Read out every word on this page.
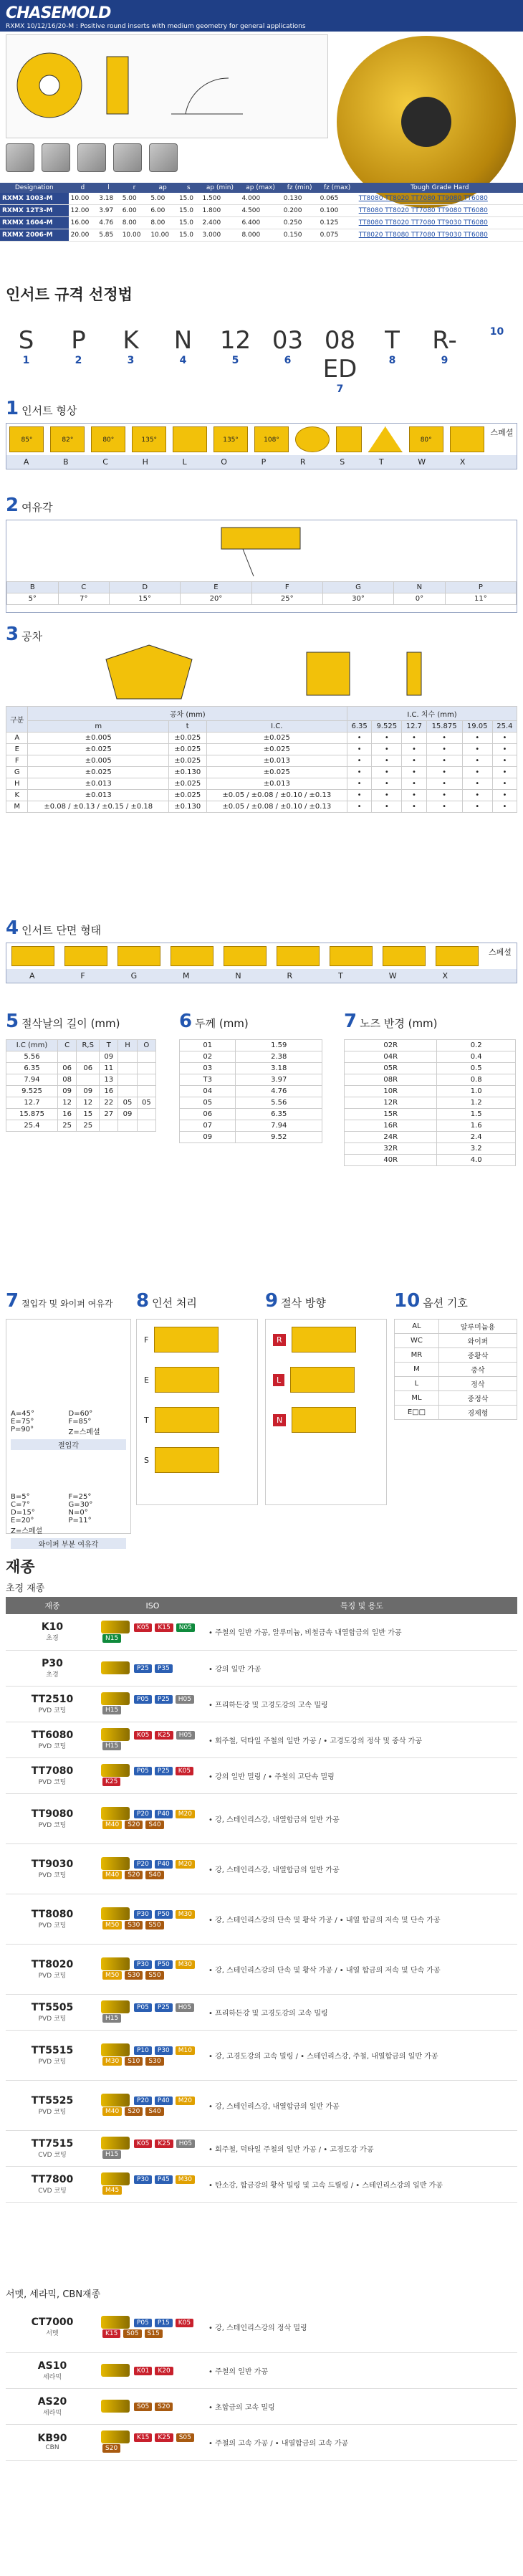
CHASEMOLD
RXMX 10/12/16/20-M : Positive round inserts with medium geometry for general applications
Designation	d	l	r	ap	s	ap (min)	ap (max)	fz (min)	fz (max)	Tough Grade Hard
RXMX 1003-M	10.00	3.18	5.00	5.00	15.0	1.500	4.000	0.130	0.065	TT8080 TT8020 TT7080 TT9080 TT6080
RXMX 12T3-M	12.00	3.97	6.00	6.00	15.0	1.800	4.500	0.200	0.100	TT8080 TT8020 TT7080 TT9080 TT6080
RXMX 1604-M	16.00	4.76	8.00	8.00	15.0	2.400	6.400	0.250	0.125	TT8080 TT8020 TT7080 TT9030 TT6080
RXMX 2006-M	20.00	5.85	10.00	10.00	15.0	3.000	8.000	0.150	0.075	TT8020 TT8080 TT7080 TT9030 TT6080
인서트 규격 선정법
S
1
P
2
K
3
N
4
12
5
03
6
08 ED
7
T
8
R-
9
10
1 인서트 형상
85°	82°	80°	135°	135°	108°	80°
스페셜
A	B	C	H	L	O	P	R	S	T	W	X
2 여유각
B	C	D	E	F	G	N	P
5°	7°	15°	20°	25°	30°	0°	11°
3 공차
구분	공차 (mm)			I.C. 치수 (mm)					
	m	t	I.C.	6.35	9.525	12.7	15.875	19.05	25.4
A	±0.005	±0.025	±0.025	•	•	•	•	•	•
E	±0.025	±0.025	±0.025	•	•	•	•	•	•
F	±0.005	±0.025	±0.013	•	•	•	•	•	•
G	±0.025	±0.130	±0.025	•	•	•	•	•	•
H	±0.013	±0.025	±0.013	•	•	•	•	•	•
K	±0.013	±0.025	±0.05 / ±0.08 / ±0.10 / ±0.13	•	•	•	•	•	•
M	±0.08 / ±0.13 / ±0.15 / ±0.18	±0.130	±0.05 / ±0.08 / ±0.10 / ±0.13	•	•	•	•	•	•
4 인서트 단면 형태
스페셜
A	F	G	M	N	R	T	W	X
5 절삭날의 길이 (mm)
I.C (mm)	C	R,S	T	H	O
5.56			09		
6.35	06	06	11		
7.94	08		13		
9.525	09	09	16		
12.7	12	12	22	05	05
15.875	16	15	27	09	
25.4	25	25			
6 두께 (mm)
01	1.59
02	2.38
03	3.18
T3	3.97
04	4.76
05	5.56
06	6.35
07	7.94
09	9.52
7 노즈 반경 (mm)
02R	0.2
04R	0.4
05R	0.5
08R	0.8
10R	1.0
12R	1.2
15R	1.5
16R	1.6
24R	2.4
32R	3.2
40R	4.0
7 절입각 및 와이퍼 여유각
A=45°	D=60°
E=75°	F=85°
P=90°	Z=스페셜
절입각
B=5°	F=25°
C=7°	G=30°
D=15°	N=0°
E=20°	P=11°
Z=스페셜
와이퍼 부분 여유각
8 인선 처리
F
E
T
S
9 절삭 방향
R
L
N
10 옵션 기호
AL	알루미늄용
WC	와이퍼
MR	중황삭
M	중삭
L	정삭
ML	중정삭
E□□	경제형
재종
초경 재종
재종	ISO	특징 및 용도

K10
초경	K05 K15 N05N15	• 주철의 일반 가공, 알루미늄, 비철금속 내열합금의 일반 가공

P30
초경	P25 P35	• 강의 일반 가공

TT2510
PVD 코팅	P05 P25 H05H15	• 프리하든강 및 고경도강의 고속 밀링

TT6080
PVD 코팅	K05 K25 H05H15	• 회주철, 덕타일 주철의 일반 가공 / • 고경도강의 정삭 및 중삭 가공

TT7080
PVD 코팅	P05 P25 K05K25	• 강의 일반 밀링 / • 주철의 고단속 밀링

TT9080
PVD 코팅	P20 P40 M20M40 S20 S40	• 강, 스테인리스강, 내열합금의 일반 가공

TT9030
PVD 코팅	P20 P40 M20M40 S20 S40	• 강, 스테인리스강, 내열합금의 일반 가공

TT8080
PVD 코팅	P30 P50 M30M50 S30 S50	• 강, 스테인리스강의 단속 및 황삭 가공 / • 내열 합금의 저속 및 단속 가공

TT8020
PVD 코팅	P30 P50 M30M50 S30 S50	• 강, 스테인리스강의 단속 및 황삭 가공 / • 내열 합금의 저속 및 단속 가공

TT5505
PVD 코팅	P05 P25 H05H15	• 프리하든강 및 고경도강의 고속 밀링

TT5515
PVD 코팅	P10 P30 M10M30 S10 S30	• 강, 고경도강의 고속 밀링 / • 스테인리스강, 주철, 내열합금의 일반 가공

TT5525
PVD 코팅	P20 P40 M20M40 S20 S40	• 강, 스테인리스강, 내열합금의 일반 가공

TT7515
CVD 코팅	K05 K25 H05H15	• 회주철, 덕타일 주철의 일반 가공 / • 고경도강 가공

TT7800
CVD 코팅	P30 P45 M30M45	• 탄소강, 합금강의 황삭 밀링 및 고속 드릴링 / • 스테인리스강의 일반 가공
서멧, 세라믹, CBN재종
CT7000
서멧	P05 P15 K05K15 S05 S15	• 강, 스테인리스강의 정삭 밀링

AS10
세라믹	K01 K20	• 주철의 일반 가공

AS20
세라믹	S05 S20	• 초합금의 고속 밀링

KB90
CBN	K15 K25 S05S20	• 주철의 고속 가공 / • 내열합금의 고속 가공
